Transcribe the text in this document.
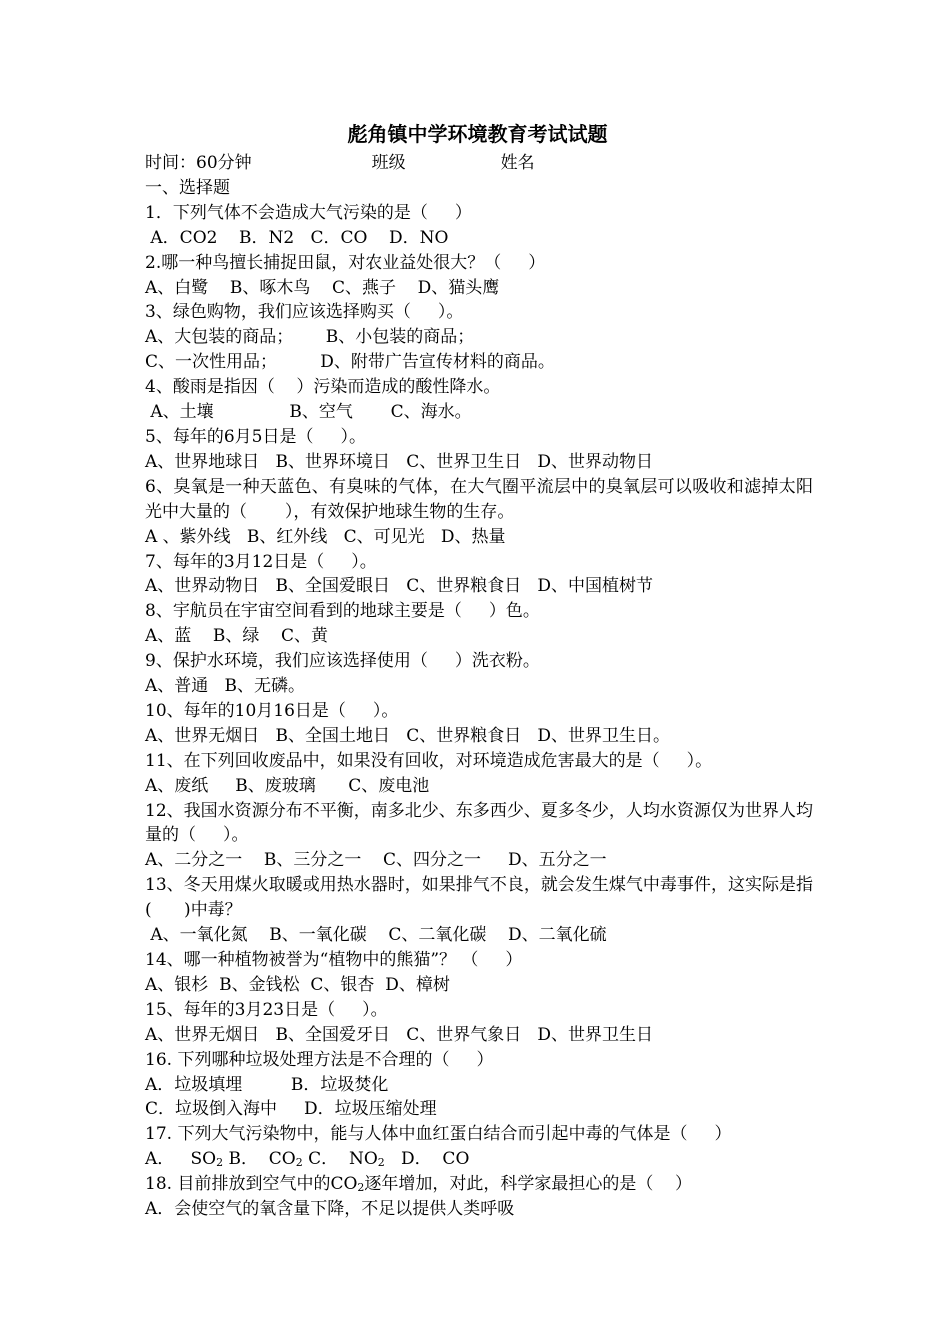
彪角镇中学环境教育考试试题
时间：60分钟	班级	姓名
一、选择题
1．下列气体不会造成大气污染的是（     ）
A．CO2    B．N2   C．CO    D．NO
2.哪一种鸟擅长捕捉田鼠，对农业益处很大？（     ）
A、白鹭    B、啄木鸟    C、燕子    D、猫头鹰
3、绿色购物，我们应该选择购买（     ）。
A、大包装的商品；      B、小包装的商品；
C、一次性用品；        D、附带广告宣传材料的商品。
4、酸雨是指因（    ）污染而造成的酸性降水。
A、土壤              B、空气       C、海水。
5、每年的6月5日是（     ）。
A、世界地球日   B、世界环境日   C、世界卫生日   D、世界动物日
6、臭氧是一种天蓝色、有臭味的气体，在大气圈平流层中的臭氧层可以吸收和滤掉太阳光中大量的（       ），有效保护地球生物的生存。
A 、紫外线   B、红外线   C、可见光   D、热量
7、每年的3月12日是（     ）。
A、世界动物日   B、全国爱眼日   C、世界粮食日   D、中国植树节
8、宇航员在宇宙空间看到的地球主要是（     ）色。
A、蓝    B、绿    C、黄
9、保护水环境，我们应该选择使用（     ）洗衣粉。
A、普通   B、无磷。
10、每年的10月16日是（     ）。
A、世界无烟日   B、全国土地日   C、世界粮食日   D、世界卫生日。
11、在下列回收废品中，如果没有回收，对环境造成危害最大的是（     ）。
A、废纸     B、废玻璃      C、废电池
12、我国水资源分布不平衡，南多北少、东多西少、夏多冬少，人均水资源仅为世界人均量的（     ）。
A、二分之一    B、三分之一    C、四分之一     D、五分之一
13、冬天用煤火取暖或用热水器时，如果排气不良，就会发生煤气中毒事件，这实际是指(      )中毒？
A、一氧化氮    B、一氧化碳    C、二氧化碳    D、二氧化硫
14、哪一种植物被誉为“植物中的熊猫”？ （     ）
A、银杉  B、金钱松  C、银杏  D、樟树
15、每年的3月23日是（     ）。
A、世界无烟日   B、全国爱牙日   C、世界气象日   D、世界卫生日
16. 下列哪种垃圾处理方法是不合理的（     ）
A．垃圾填埋         B．垃圾焚化
C．垃圾倒入海中     D．垃圾压缩处理
17. 下列大气污染物中，能与人体中血红蛋白结合而引起中毒的气体是（     ）
A．   $SO_2$ B．  $CO_2$ C．  $NO_2$ D．  CO
18. 目前排放到空气中的$CO_2$逐年增加，对此，科学家最担心的是（    ）
A．会使空气的氧含量下降，不足以提供人类呼吸
